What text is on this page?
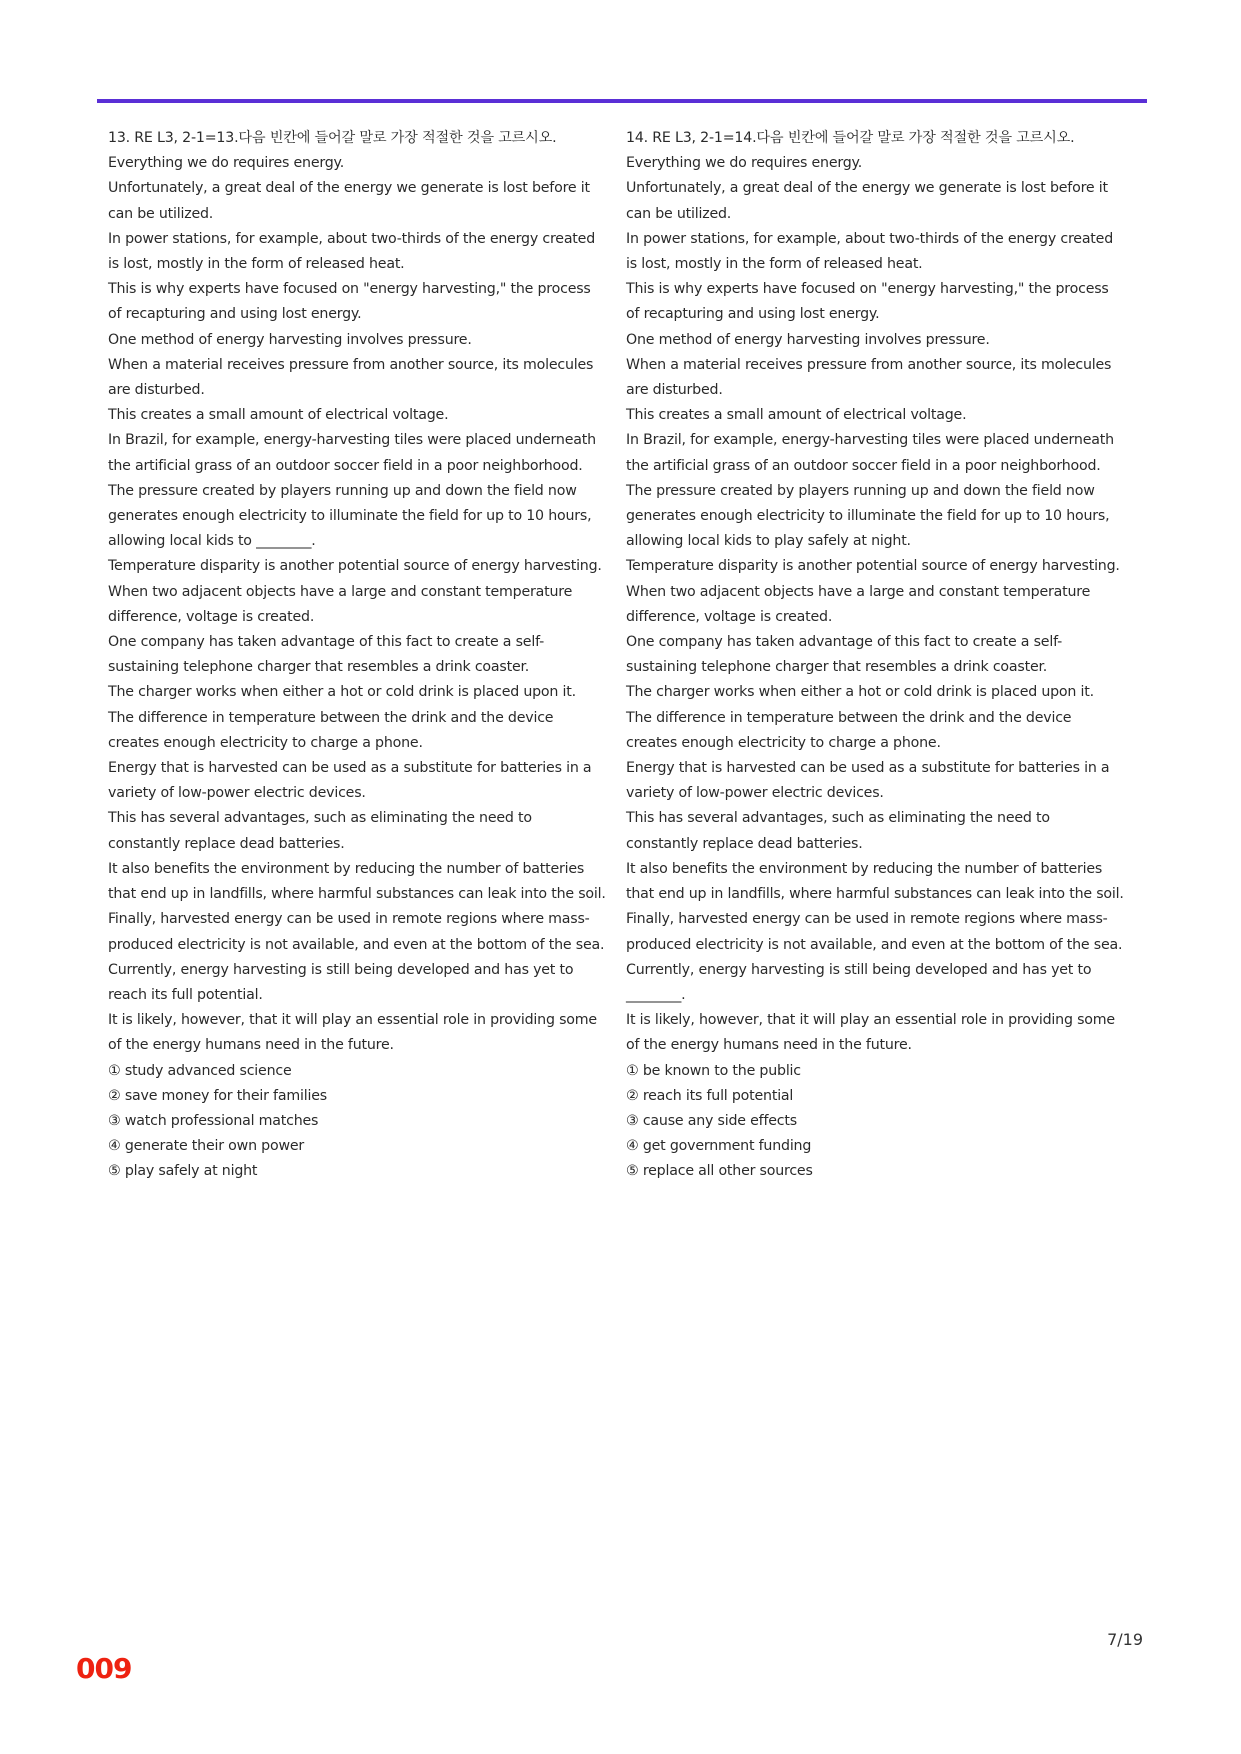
13. RE L3, 2-1=13.다음 빈칸에 들어갈 말로 가장 적절한 것을 고르시오.
Everything we do requires energy.
Unfortunately, a great deal of the energy we generate is lost before it can be utilized.
In power stations, for example, about two-thirds of the energy created is lost, mostly in the form of released heat.
This is why experts have focused on "energy harvesting," the process of recapturing and using lost energy.
One method of energy harvesting involves pressure.
When a material receives pressure from another source, its molecules are disturbed.
This creates a small amount of electrical voltage.
In Brazil, for example, energy-harvesting tiles were placed underneath the artificial grass of an outdoor soccer field in a poor neighborhood.
The pressure created by players running up and down the field now generates enough electricity to illuminate the field for up to 10 hours, allowing local kids to ________.
Temperature disparity is another potential source of energy harvesting.
When two adjacent objects have a large and constant temperature difference, voltage is created.
One company has taken advantage of this fact to create a self-sustaining telephone charger that resembles a drink coaster.
The charger works when either a hot or cold drink is placed upon it.
The difference in temperature between the drink and the device creates enough electricity to charge a phone.
Energy that is harvested can be used as a substitute for batteries in a variety of low-power electric devices.
This has several advantages, such as eliminating the need to constantly replace dead batteries.
It also benefits the environment by reducing the number of batteries that end up in landfills, where harmful substances can leak into the soil.
Finally, harvested energy can be used in remote regions where mass-produced electricity is not available, and even at the bottom of the sea.
Currently, energy harvesting is still being developed and has yet to reach its full potential.
It is likely, however, that it will play an essential role in providing some of the energy humans need in the future.
① study advanced science
② save money for their families
③ watch professional matches
④ generate their own power
⑤ play safely at night
14. RE L3, 2-1=14.다음 빈칸에 들어갈 말로 가장 적절한 것을 고르시오.
Everything we do requires energy.
Unfortunately, a great deal of the energy we generate is lost before it can be utilized.
In power stations, for example, about two-thirds of the energy created is lost, mostly in the form of released heat.
This is why experts have focused on "energy harvesting," the process of recapturing and using lost energy.
One method of energy harvesting involves pressure.
When a material receives pressure from another source, its molecules are disturbed.
This creates a small amount of electrical voltage.
In Brazil, for example, energy-harvesting tiles were placed underneath the artificial grass of an outdoor soccer field in a poor neighborhood.
The pressure created by players running up and down the field now generates enough electricity to illuminate the field for up to 10 hours, allowing local kids to play safely at night.
Temperature disparity is another potential source of energy harvesting.
When two adjacent objects have a large and constant temperature difference, voltage is created.
One company has taken advantage of this fact to create a self-sustaining telephone charger that resembles a drink coaster.
The charger works when either a hot or cold drink is placed upon it.
The difference in temperature between the drink and the device creates enough electricity to charge a phone.
Energy that is harvested can be used as a substitute for batteries in a variety of low-power electric devices.
This has several advantages, such as eliminating the need to constantly replace dead batteries.
It also benefits the environment by reducing the number of batteries that end up in landfills, where harmful substances can leak into the soil.
Finally, harvested energy can be used in remote regions where mass-produced electricity is not available, and even at the bottom of the sea.
Currently, energy harvesting is still being developed and has yet to ________.
It is likely, however, that it will play an essential role in providing some of the energy humans need in the future.
① be known to the public
② reach its full potential
③ cause any side effects
④ get government funding
⑤ replace all other sources
7/19
009
